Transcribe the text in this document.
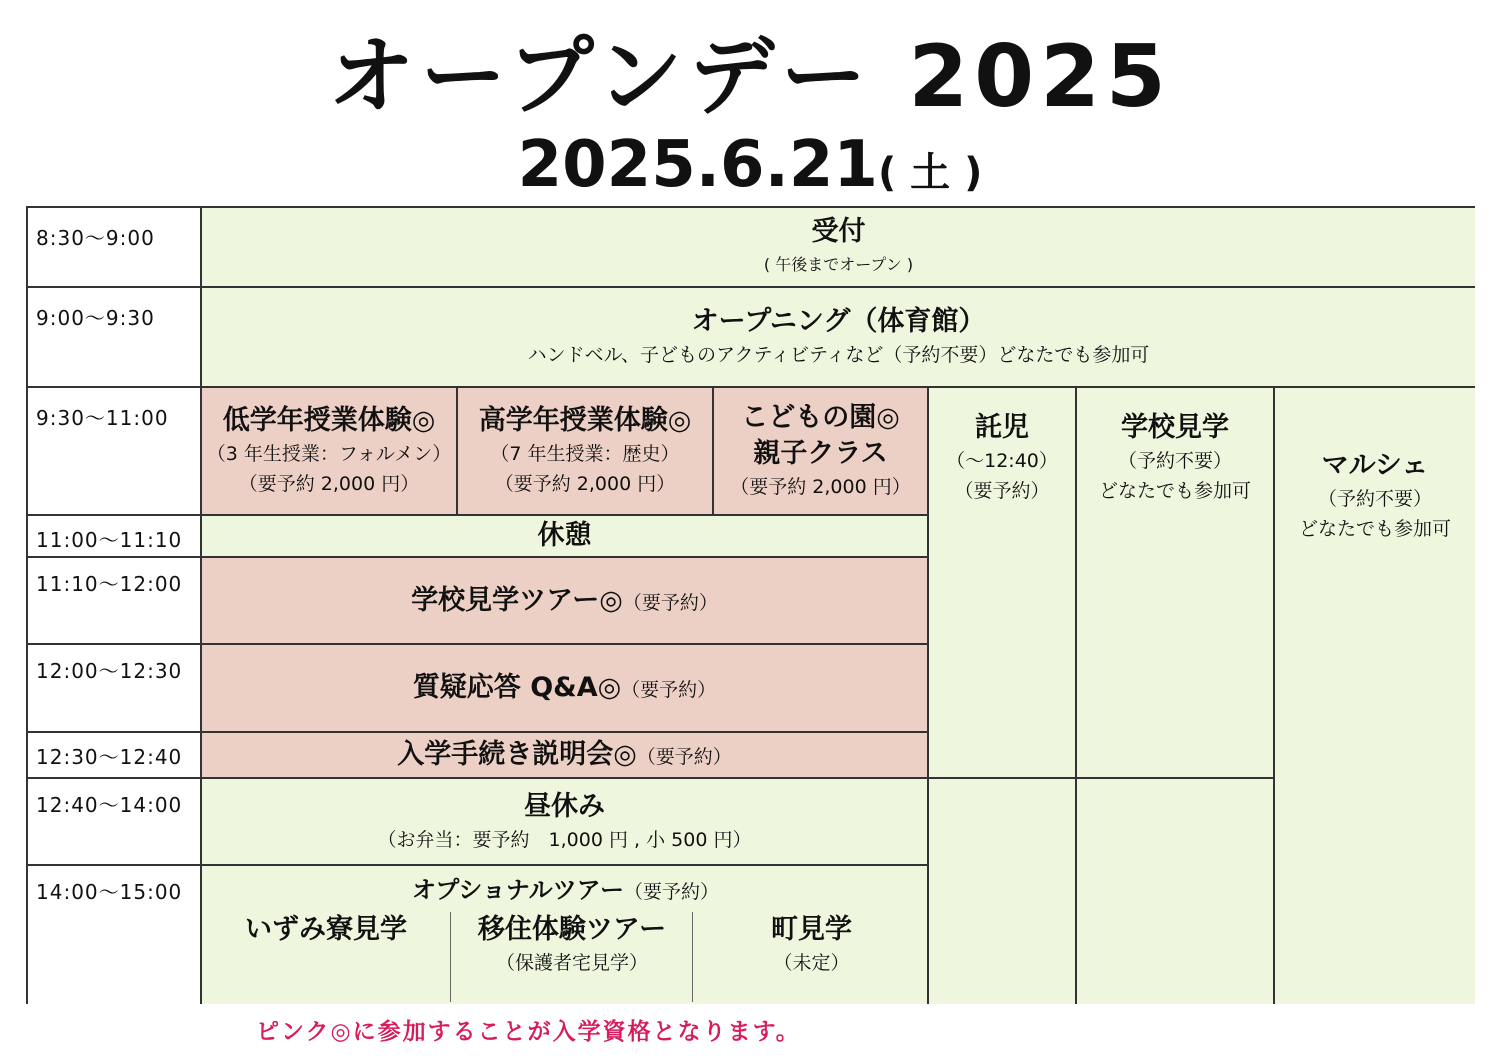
オープンデー 2025
2025.6.21( 土 )
8:30～9:00
9:00～9:30
9:30～11:00
11:00～11:10
11:10～12:00
12:00～12:30
12:30～12:40
12:40～14:00
14:00～15:00
受付
( 午後までオープン )
オープニング（体育館）
ハンドベル、子どものアクティビティなど（予約不要）どなたでも参加可
低学年授業体験◎
（3 年生授業：フォルメン）
（要予約 2,000 円）
高学年授業体験◎
（7 年生授業：歴史）
（要予約 2,000 円）
こどもの園◎
親子クラス
（要予約 2,000 円）
託児
（～12:40）
（要予約）
学校見学
（予約不要）
どなたでも参加可
マルシェ
（予約不要）
どなたでも参加可
休憩
学校見学ツアー◎（要予約）
質疑応答 Q&A◎（要予約）
入学手続き説明会◎（要予約）
昼休み
（お弁当：要予約　1,000 円 , 小 500 円）
オプショナルツアー（要予約）
いずみ寮見学	移住体験ツアー
（保護者宅見学）
町見学
（未定）
ピンク◎に参加することが入学資格となります。
